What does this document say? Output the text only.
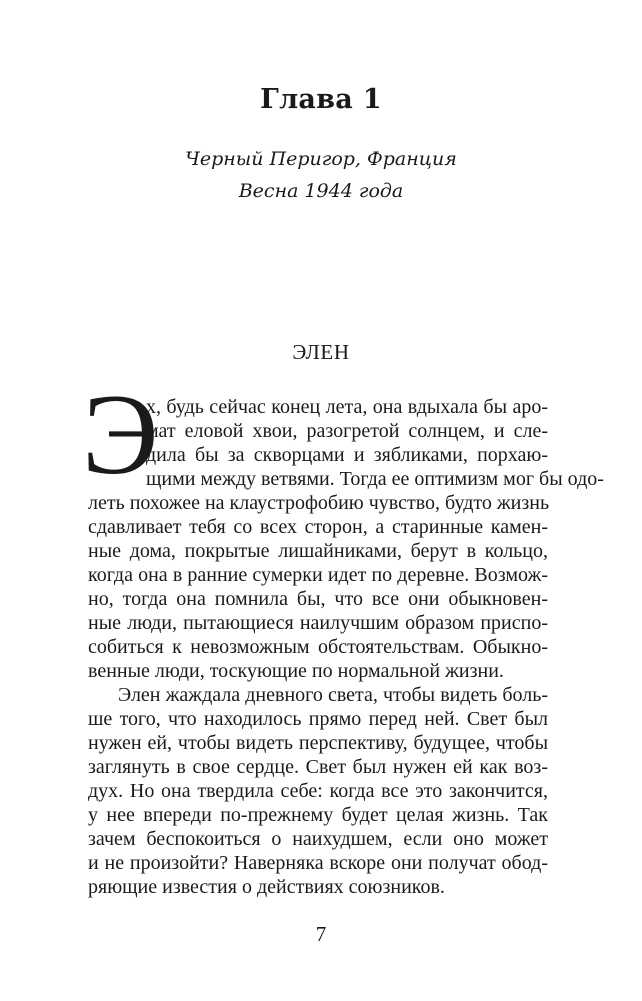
Глава 1
Черный Перигор, Франция
Весна 1944 года
ЭЛЕН
Э
х, будь сейчас конец лета, она вдыхала бы аро-
мат еловой хвои, разогретой солнцем, и сле-
дила бы за скворцами и зябликами, порхаю-
щими между ветвями. Тогда ее оптимизм мог бы одо-
леть похожее на клаустрофобию чувство, будто жизнь
сдавливает тебя со всех сторон, а старинные камен-
ные дома, покрытые лишайниками, берут в кольцо,
когда она в ранние сумерки идет по деревне. Возмож-
но, тогда она помнила бы, что все они обыкновен-
ные люди, пытающиеся наилучшим образом приспо-
собиться к невозможным обстоятельствам. Обыкно-
венные люди, тоскующие по нормальной жизни.
Элен жаждала дневного света, чтобы видеть боль-
ше того, что находилось прямо перед ней. Свет был
нужен ей, чтобы видеть перспективу, будущее, чтобы
заглянуть в свое сердце. Свет был нужен ей как воз-
дух. Но она твердила себе: когда все это закончится,
у нее впереди по-прежнему будет целая жизнь. Так
зачем беспокоиться о наихудшем, если оно может
7
и не произойти? Наверняка вскоре они получат обод-
ряющие известия о действиях союзников.
